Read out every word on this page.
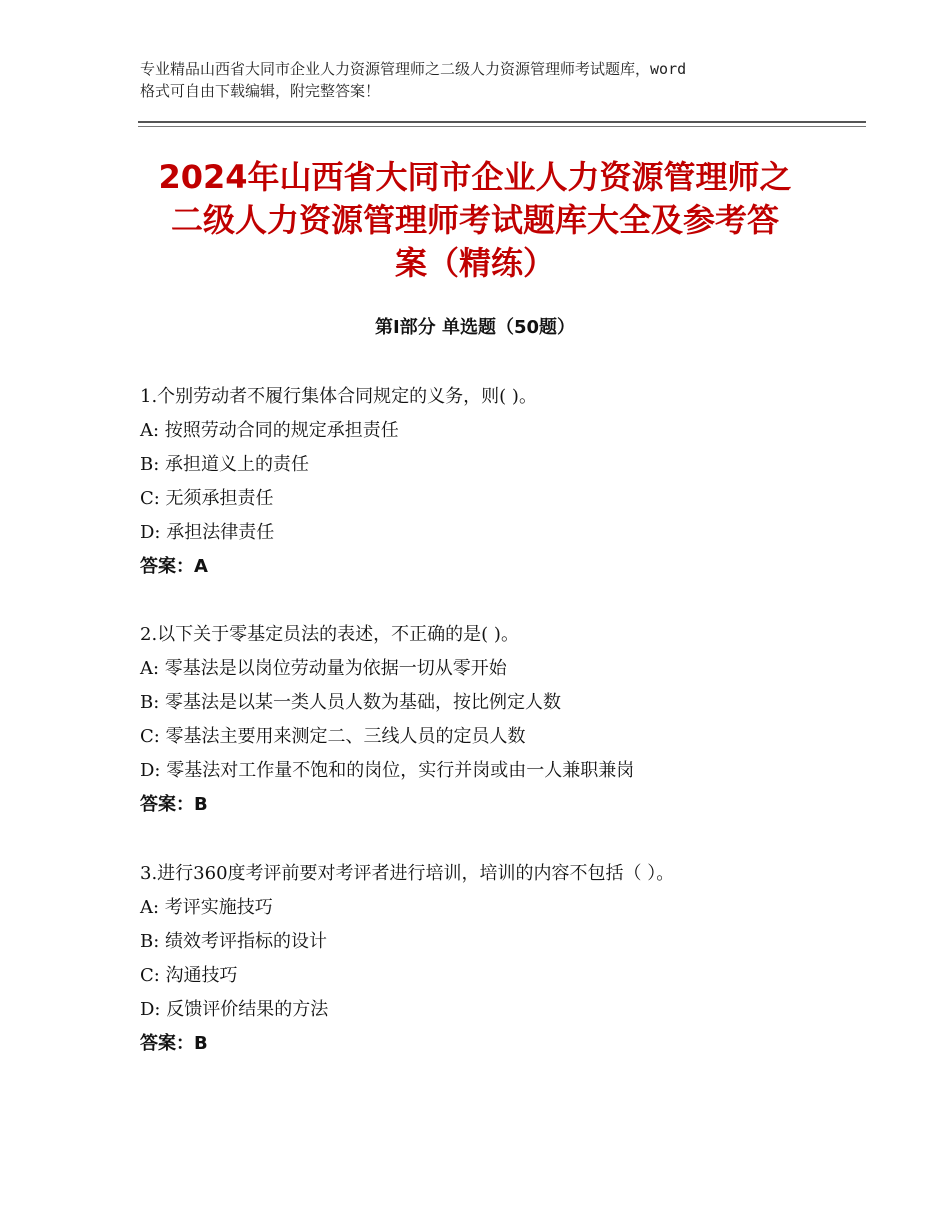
专业精品山西省大同市企业人力资源管理师之二级人力资源管理师考试题库，word
格式可自由下载编辑，附完整答案！
2024年山西省大同市企业人力资源管理师之
二级人力资源管理师考试题库大全及参考答
案（精练）
第Ⅰ部分 单选题（50题）
1.个别劳动者不履行集体合同规定的义务，则( )。
A: 按照劳动合同的规定承担责任
B: 承担道义上的责任
C: 无须承担责任
D: 承担法律责任
答案：A
2.以下关于零基定员法的表述，不正确的是( )。
A: 零基法是以岗位劳动量为依据一切从零开始
B: 零基法是以某一类人员人数为基础，按比例定人数
C: 零基法主要用来测定二、三线人员的定员人数
D: 零基法对工作量不饱和的岗位，实行并岗或由一人兼职兼岗
答案：B
3.进行360度考评前要对考评者进行培训，培训的内容不包括（ ）。
A: 考评实施技巧
B: 绩效考评指标的设计
C: 沟通技巧
D: 反馈评价结果的方法
答案：B
